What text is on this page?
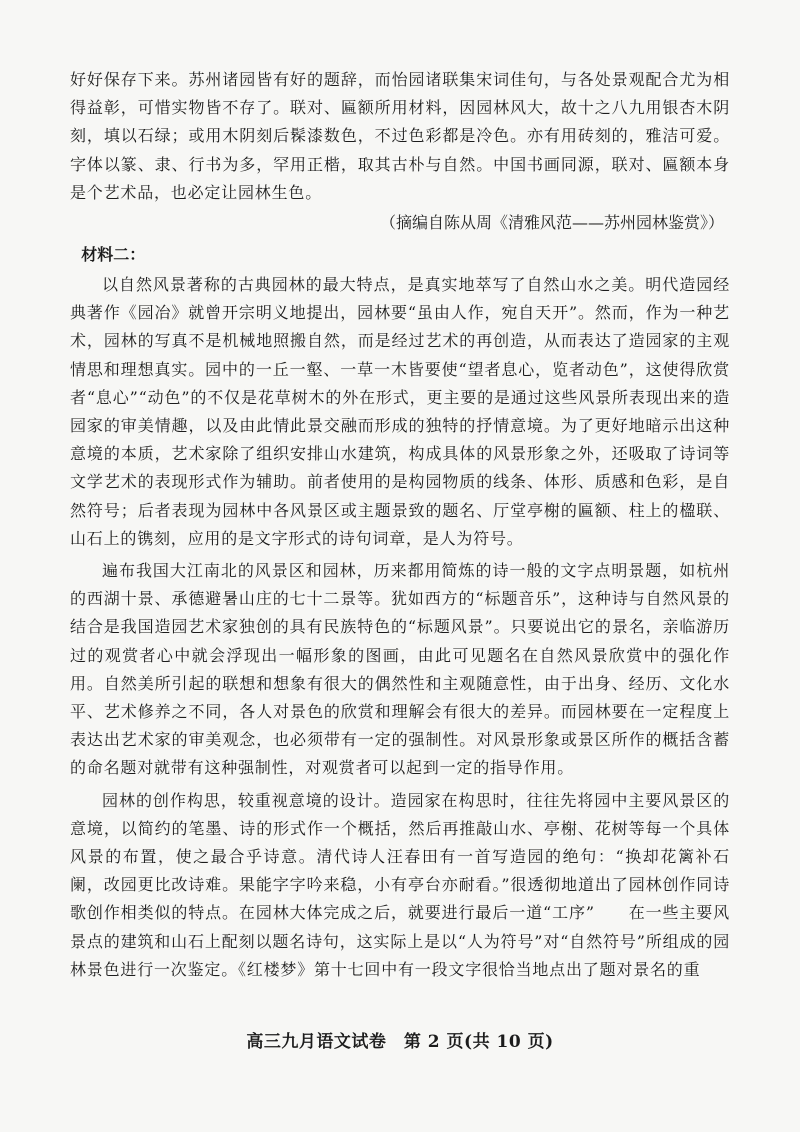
好好保存下来。苏州诸园皆有好的题辞，而怡园诸联集宋词佳句，与各处景观配合尤为相得益彰，可惜实物皆不存了。联对、匾额所用材料，因园林风大，故十之八九用银杏木阴刻，填以石绿；或用木阴刻后髹漆数色，不过色彩都是冷色。亦有用砖刻的，雅洁可爱。字体以篆、隶、行书为多，罕用正楷，取其古朴与自然。中国书画同源，联对、匾额本身是个艺术品，也必定让园林生色。

（摘编自陈从周《清雅风范——苏州园林鉴赏》）

材料二：

以自然风景著称的古典园林的最大特点，是真实地萃写了自然山水之美。明代造园经典著作《园冶》就曾开宗明义地提出，园林要“虽由人作，宛自天开”。然而，作为一种艺术，园林的写真不是机械地照搬自然，而是经过艺术的再创造，从而表达了造园家的主观情思和理想真实。园中的一丘一壑、一草一木皆要使“望者息心，览者动色”，这使得欣赏者“息心”“动色”的不仅是花草树木的外在形式，更主要的是通过这些风景所表现出来的造园家的审美情趣，以及由此情此景交融而形成的独特的抒情意境。为了更好地暗示出这种意境的本质，艺术家除了组织安排山水建筑，构成具体的风景形象之外，还吸取了诗词等文学艺术的表现形式作为辅助。前者使用的是构园物质的线条、体形、质感和色彩，是自然符号；后者表现为园林中各风景区或主题景致的题名、厅堂亭榭的匾额、柱上的楹联、山石上的镌刻，应用的是文字形式的诗句词章，是人为符号。

遍布我国大江南北的风景区和园林，历来都用简炼的诗一般的文字点明景题，如杭州的西湖十景、承德避暑山庄的七十二景等。犹如西方的“标题音乐”，这种诗与自然风景的结合是我国造园艺术家独创的具有民族特色的“标题风景”。只要说出它的景名，亲临游历过的观赏者心中就会浮现出一幅形象的图画，由此可见题名在自然风景欣赏中的强化作用。自然美所引起的联想和想象有很大的偶然性和主观随意性，由于出身、经历、文化水平、艺术修养之不同，各人对景色的欣赏和理解会有很大的差异。而园林要在一定程度上表达出艺术家的审美观念，也必须带有一定的强制性。对风景形象或景区所作的概括含蓄的命名题对就带有这种强制性，对观赏者可以起到一定的指导作用。

园林的创作构思，较重视意境的设计。造园家在构思时，往往先将园中主要风景区的意境，以简约的笔墨、诗的形式作一个概括，然后再推敲山水、亭榭、花树等每一个具体风景的布置，使之最合乎诗意。清代诗人汪春田有一首写造园的绝句：“换却花篱补石阑，改园更比改诗难。果能字字吟来稳，小有亭台亦耐看。”很透彻地道出了园林创作同诗歌创作相类似的特点。在园林大体完成之后，就要进行最后一道“工序”　　在一些主要风景点的建筑和山石上配刻以题名诗句，这实际上是以“人为符号”对“自然符号”所组成的园林景色进行一次鉴定。《红楼梦》第十七回中有一段文字很恰当地点出了题对景名的重

高三九月语文试卷　第 2 页(共 10 页)
